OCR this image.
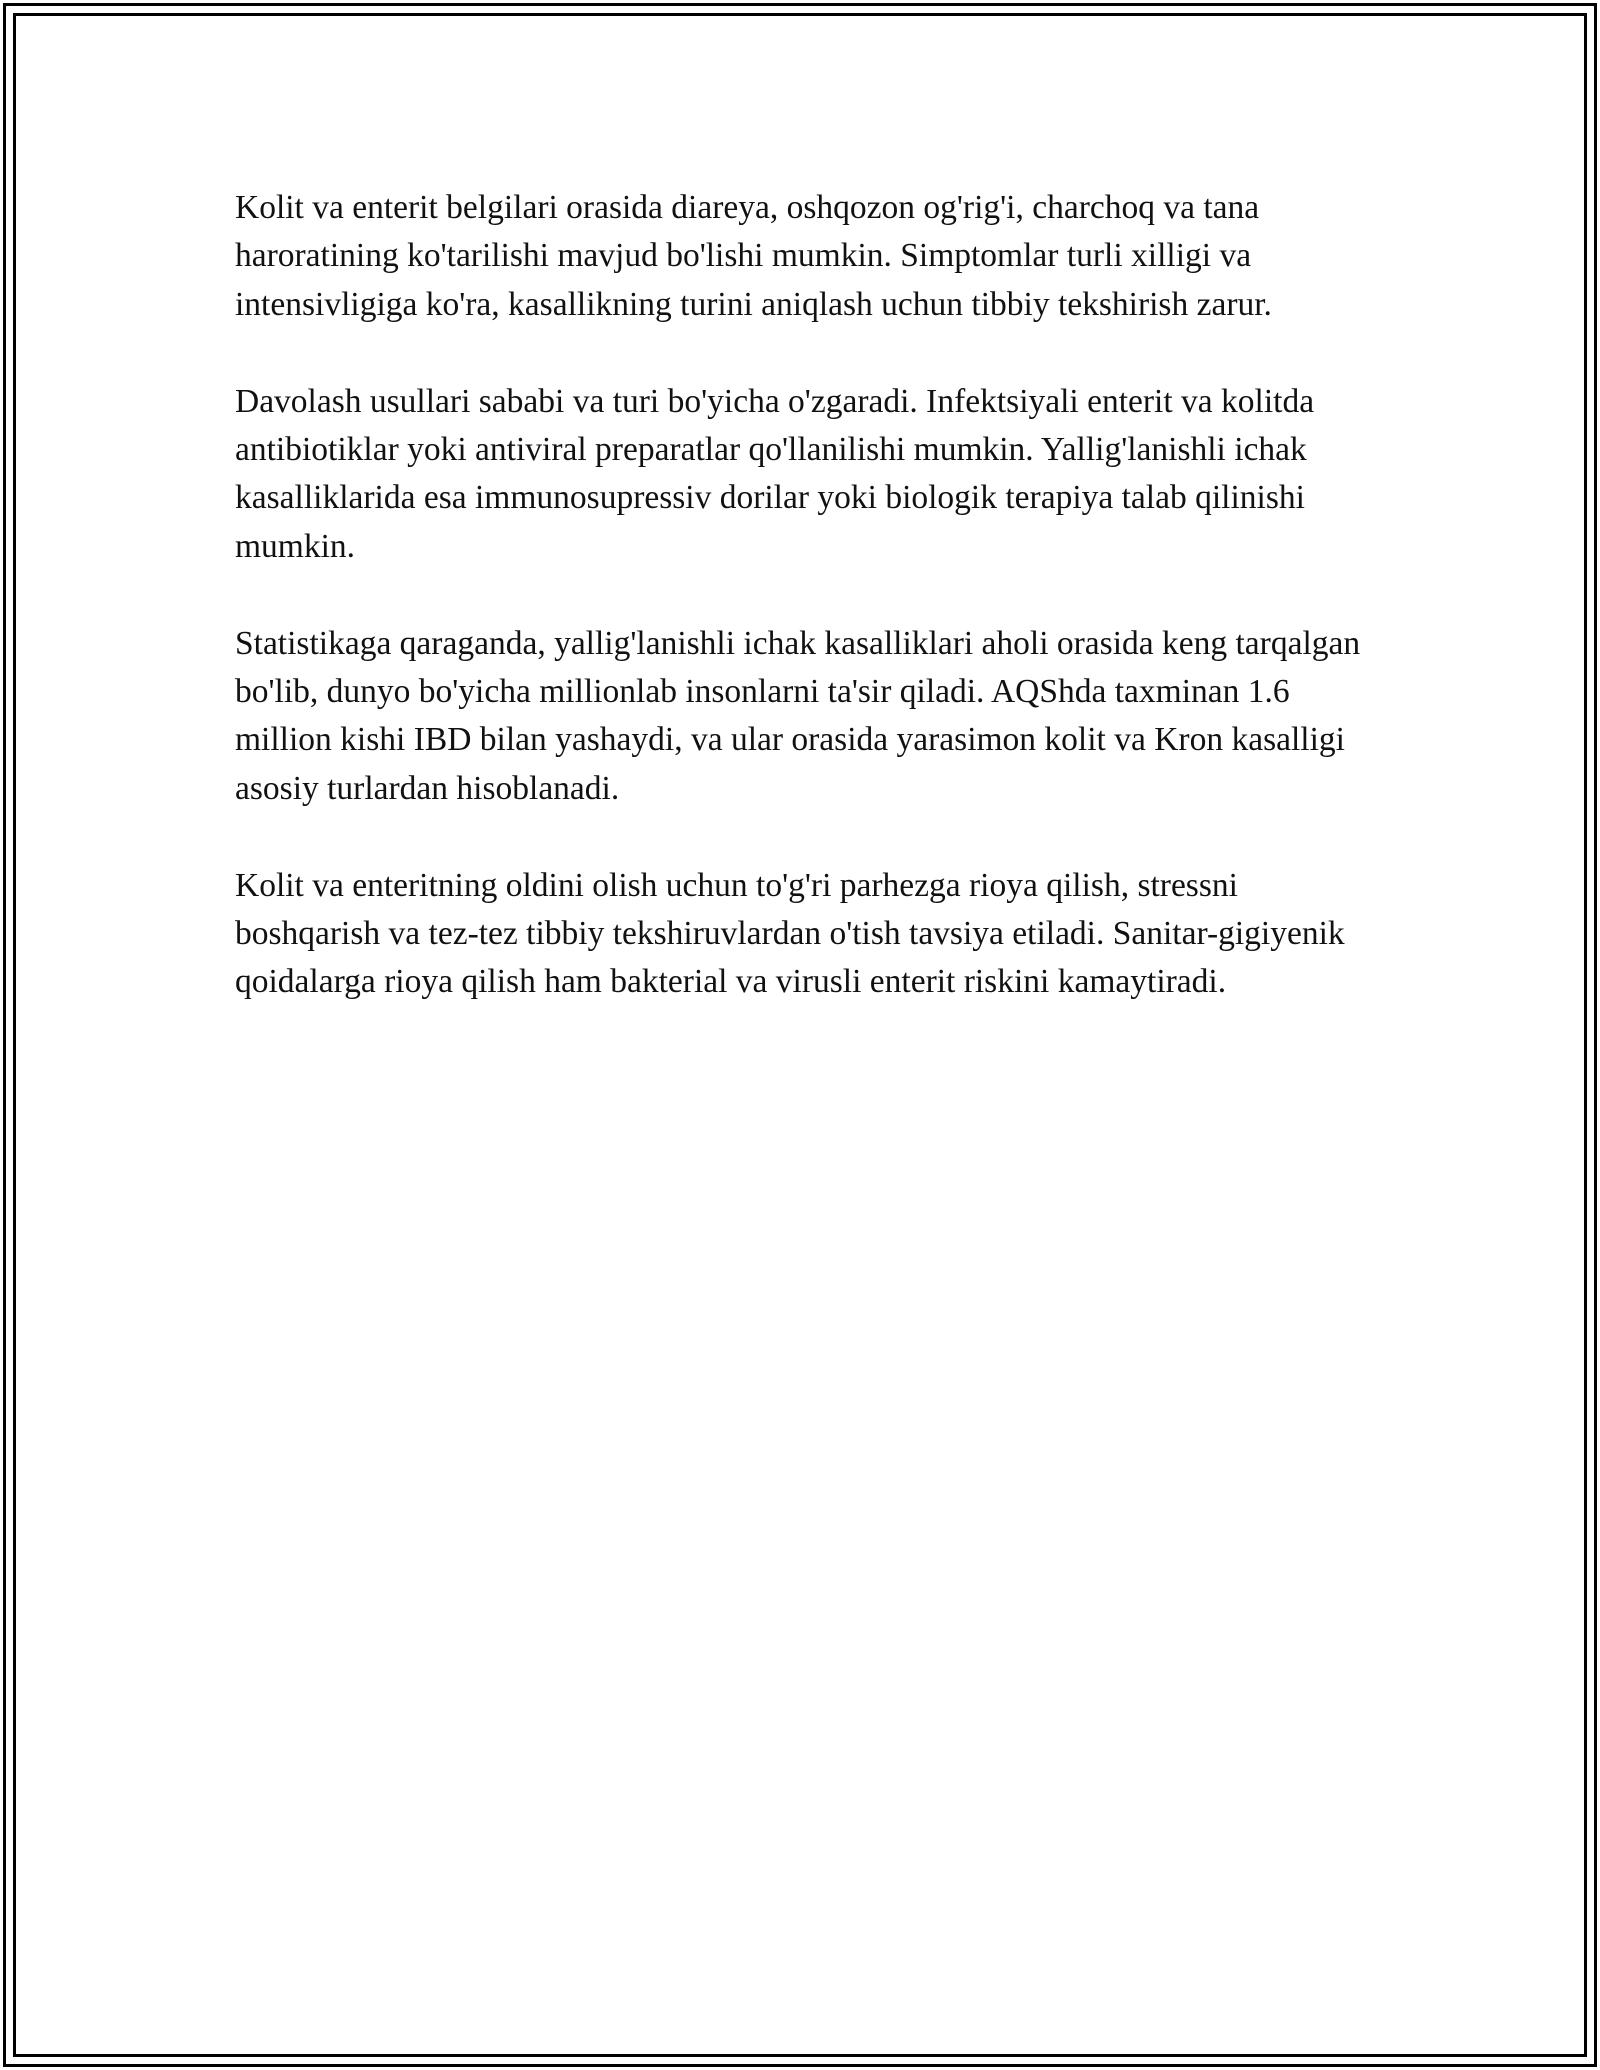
Kolit va enterit belgilari orasida diareya, oshqozon og'rig'i, charchoq va tana haroratining ko'tarilishi mavjud bo'lishi mumkin. Simptomlar turli xilligi va intensivligiga ko'ra, kasallikning turini aniqlash uchun tibbiy tekshirish zarur.

Davolash usullari sababi va turi bo'yicha o'zgaradi. Infektsiyali enterit va kolitda antibiotiklar yoki antiviral preparatlar qo'llanilishi mumkin. Yallig'lanishli ichak kasalliklarida esa immunosupressiv dorilar yoki biologik terapiya talab qilinishi mumkin.

Statistikaga qaraganda, yallig'lanishli ichak kasalliklari aholi orasida keng tarqalgan bo'lib, dunyo bo'yicha millionlab insonlarni ta'sir qiladi. AQShda taxminan 1.6 million kishi IBD bilan yashaydi, va ular orasida yarasimon kolit va Kron kasalligi asosiy turlardan hisoblanadi.

Kolit va enteritning oldini olish uchun to'g'ri parhezga rioya qilish, stressni boshqarish va tez-tez tibbiy tekshiruvlardan o'tish tavsiya etiladi. Sanitar-gigiyenik qoidalarga rioya qilish ham bakterial va virusli enterit riskini kamaytiradi.
